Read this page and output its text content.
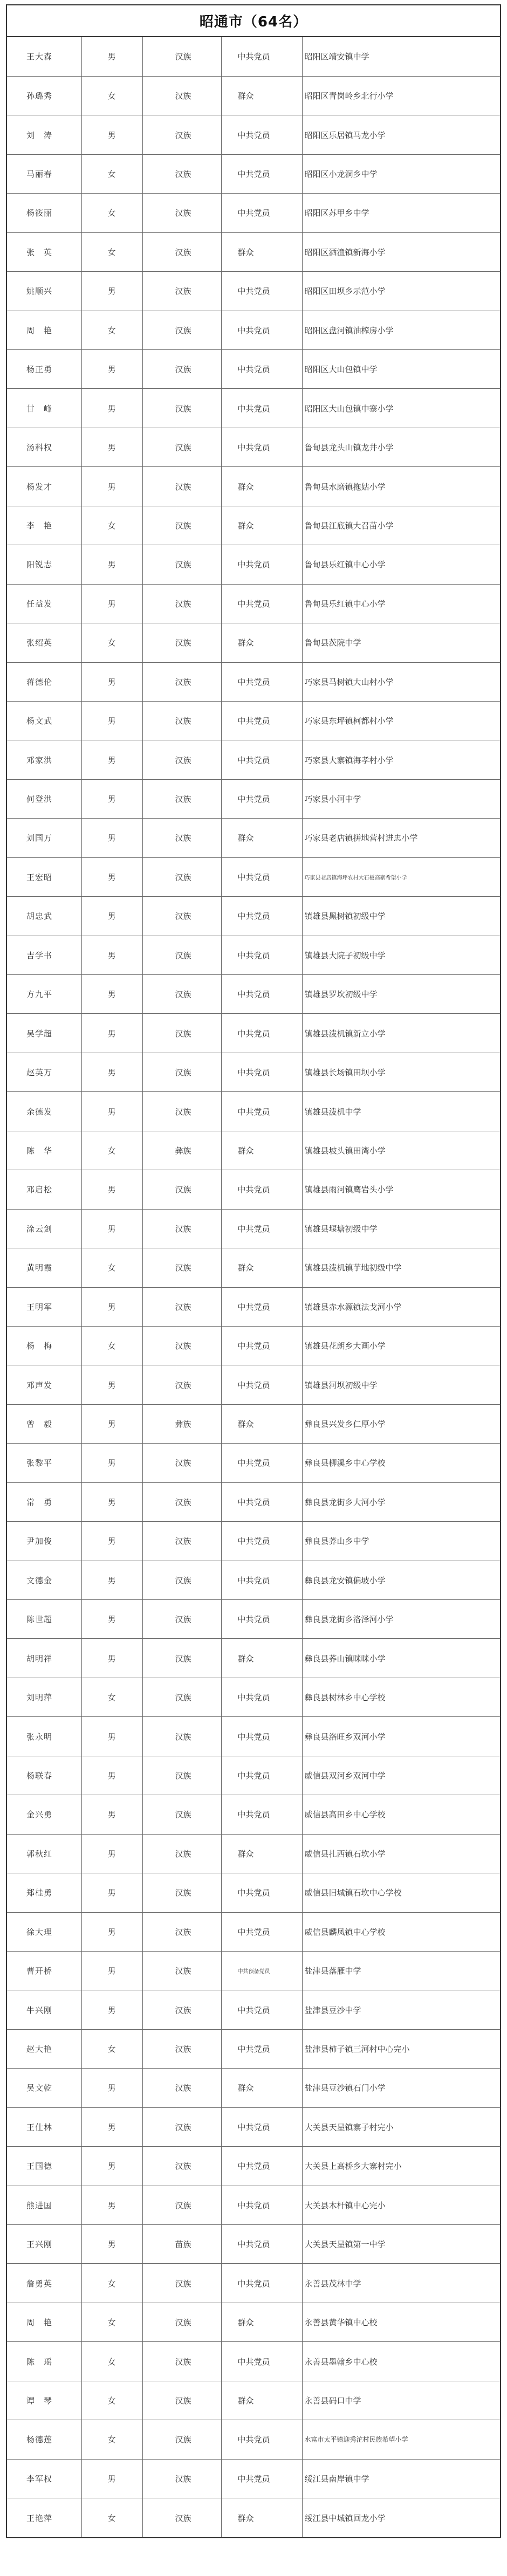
昭通市（64名）
王大森	男	汉族	中共党员	昭阳区靖安镇中学
孙璐秀	女	汉族	群众	昭阳区青岗岭乡北行小学
刘　涛	男	汉族	中共党员	昭阳区乐居镇马龙小学
马丽春	女	汉族	中共党员	昭阳区小龙洞乡中学
杨筱丽	女	汉族	中共党员	昭阳区苏甲乡中学
张　英	女	汉族	群众	昭阳区洒渔镇新海小学
姚顺兴	男	汉族	中共党员	昭阳区田坝乡示范小学
周　艳	女	汉族	中共党员	昭阳区盘河镇油榨房小学
杨正勇	男	汉族	中共党员	昭阳区大山包镇中学
甘　峰	男	汉族	中共党员	昭阳区大山包镇中寨小学
汤科权	男	汉族	中共党员	鲁甸县龙头山镇龙井小学
杨发才	男	汉族	群众	鲁甸县水磨镇拖姑小学
李　艳	女	汉族	群众	鲁甸县江底镇大召苗小学
阳锐志	男	汉族	中共党员	鲁甸县乐红镇中心小学
任益发	男	汉族	中共党员	鲁甸县乐红镇中心小学
张绍英	女	汉族	群众	鲁甸县茨院中学
蒋德伦	男	汉族	中共党员	巧家县马树镇大山村小学
杨文武	男	汉族	中共党员	巧家县东坪镇柯都村小学
邓家洪	男	汉族	中共党员	巧家县大寨镇海孝村小学
何登洪	男	汉族	中共党员	巧家县小河中学
刘国万	男	汉族	群众	巧家县老店镇拼地营村进忠小学
王宏昭	男	汉族	中共党员	巧家县老店镇海坪农村大石板高寨希望小学
胡忠武	男	汉族	中共党员	镇雄县黑树镇初级中学
吉学书	男	汉族	中共党员	镇雄县大院子初级中学
方九平	男	汉族	中共党员	镇雄县罗坎初级中学
吴学超	男	汉族	中共党员	镇雄县泼机镇新立小学
赵英万	男	汉族	中共党员	镇雄县长场镇田坝小学
余德发	男	汉族	中共党员	镇雄县泼机中学
陈　华	女	彝族	群众	镇雄县坡头镇田湾小学
邓启松	男	汉族	中共党员	镇雄县雨河镇鹰岩头小学
涂云剑	男	汉族	中共党员	镇雄县堰塘初级中学
黄明霞	女	汉族	群众	镇雄县泼机镇芋地初级中学
王明军	男	汉族	中共党员	镇雄县赤水源镇法戈河小学
杨　梅	女	汉族	中共党员	镇雄县花朗乡大画小学
邓声发	男	汉族	中共党员	镇雄县河坝初级中学
曾　毅	男	彝族	群众	彝良县兴发乡仁厚小学
张黎平	男	汉族	中共党员	彝良县柳溪乡中心学校
常　勇	男	汉族	中共党员	彝良县龙街乡大河小学
尹加俊	男	汉族	中共党员	彝良县荞山乡中学
文德金	男	汉族	中共党员	彝良县龙安镇偏坡小学
陈世超	男	汉族	中共党员	彝良县龙街乡洛泽河小学
胡明祥	男	汉族	群众	彝良县荞山镇咪咪小学
刘明萍	女	汉族	中共党员	彝良县树林乡中心学校
张永明	男	汉族	中共党员	彝良县洛旺乡双河小学
杨联春	男	汉族	中共党员	威信县双河乡双河中学
金兴勇	男	汉族	中共党员	威信县高田乡中心学校
郭秋红	男	汉族	群众	威信县扎西镇石坎小学
郑桂勇	男	汉族	中共党员	威信县旧城镇石坎中心学校
徐大理	男	汉族	中共党员	威信县麟凤镇中心学校
曹开桥	男	汉族	中共预备党员	盐津县落雁中学
牛兴刚	男	汉族	中共党员	盐津县豆沙中学
赵大艳	女	汉族	中共党员	盐津县柿子镇三河村中心完小
吴文乾	男	汉族	群众	盐津县豆沙镇石门小学
王仕林	男	汉族	中共党员	大关县天星镇寨子村完小
王国德	男	汉族	中共党员	大关县上高桥乡大寨村完小
熊进国	男	汉族	中共党员	大关县木杆镇中心完小
王兴刚	男	苗族	中共党员	大关县天星镇第一中学
詹勇英	女	汉族	中共党员	永善县茂林中学
周　艳	女	汉族	群众	永善县黄华镇中心校
陈　瑶	女	汉族	中共党员	永善县墨翰乡中心校
谭　琴	女	汉族	群众	永善县码口中学
杨德莲	女	汉族	中共党员	水富市太平镇迎秀沱村民族希望小学
李军权	男	汉族	中共党员	绥江县南岸镇中学
王艳萍	女	汉族	群众	绥江县中城镇回龙小学
